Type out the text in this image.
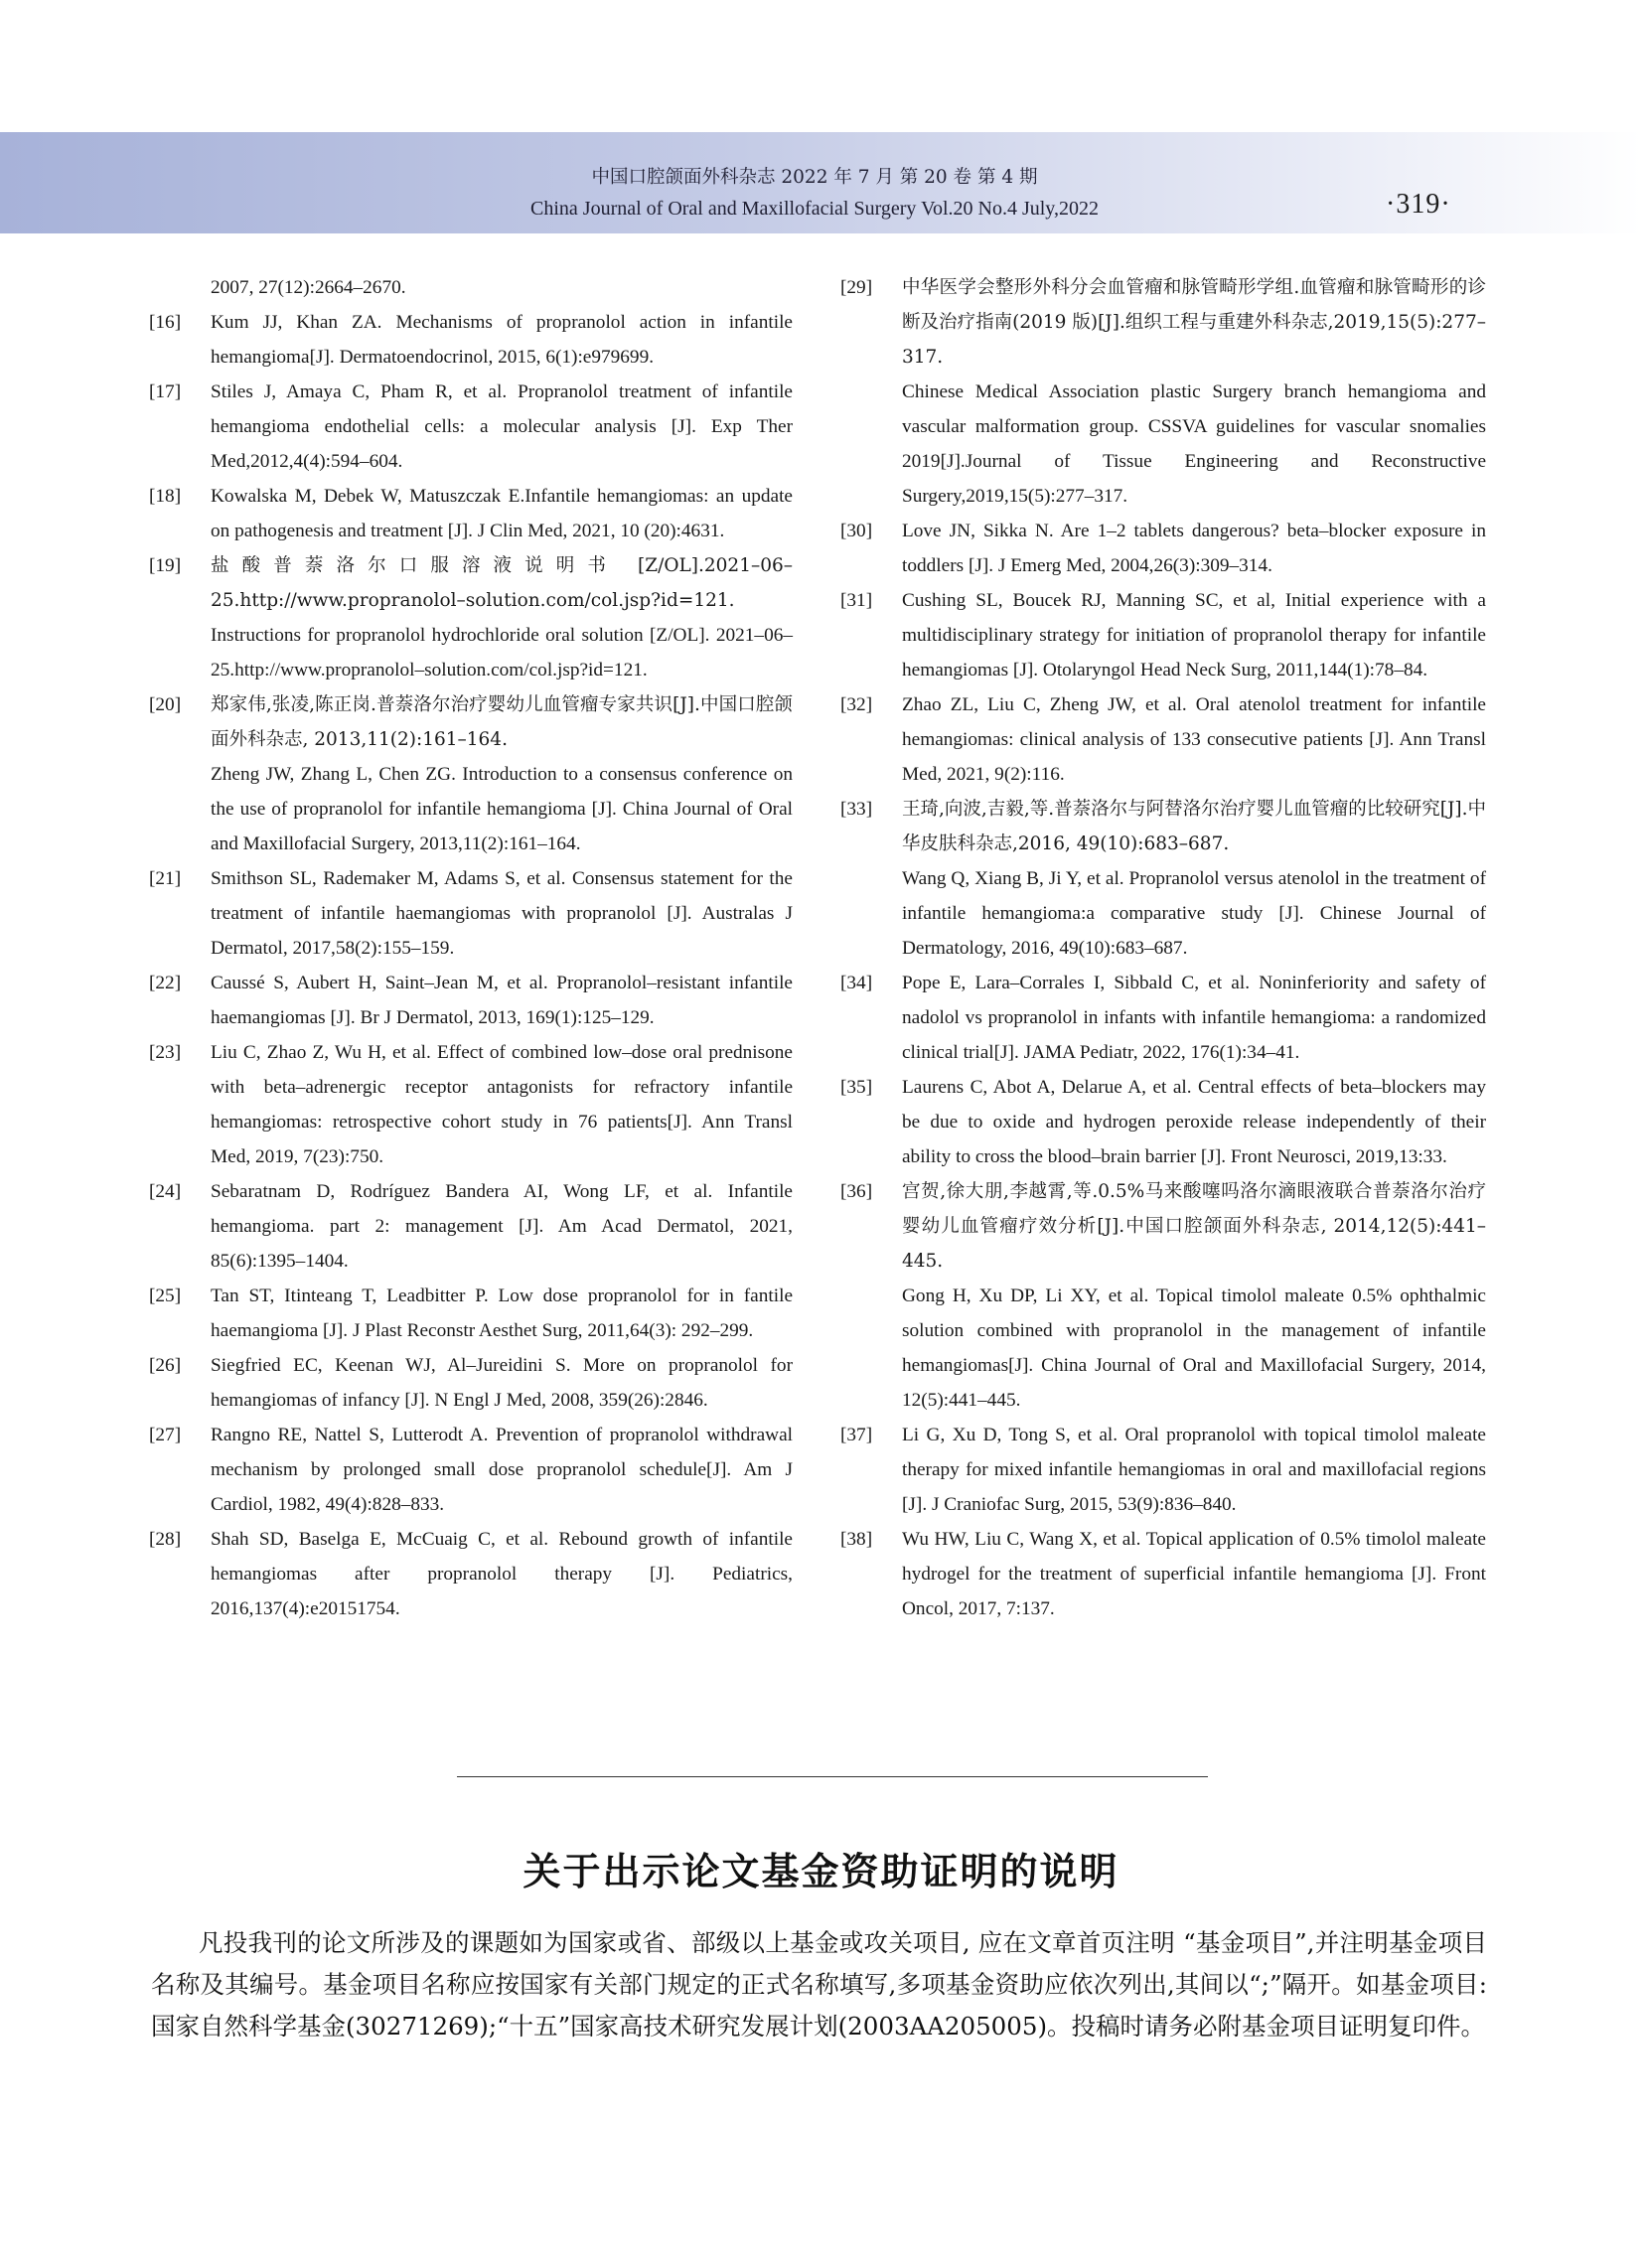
中国口腔颌面外科杂志 2022 年 7 月 第 20 卷 第 4 期
China Journal of Oral and Maxillofacial Surgery Vol.20 No.4 July,2022	·319·
2007, 27(12):2664–2670.
[16] Kum JJ, Khan ZA. Mechanisms of propranolol action in infantile hemangioma[J]. Dermatoendocrinol, 2015, 6(1):e979699.
[17] Stiles J, Amaya C, Pham R, et al. Propranolol treatment of infantile hemangioma endothelial cells: a molecular analysis [J]. Exp Ther Med,2012,4(4):594–604.
[18] Kowalska M, Debek W, Matuszczak E.Infantile hemangiomas: an update on pathogenesis and treatment [J]. J Clin Med, 2021, 10 (20):4631.
[19] 盐酸普萘洛尔口服溶液说明书 [Z/OL].2021–06–25.http://www.propranolol–solution.com/col.jsp?id=121.
Instructions for propranolol hydrochloride oral solution [Z/OL]. 2021–06–25.http://www.propranolol–solution.com/col.jsp?id=121.
[20] 郑家伟,张凌,陈正岗.普萘洛尔治疗婴幼儿血管瘤专家共识[J].中国口腔颌面外科杂志, 2013,11(2):161–164.
Zheng JW, Zhang L, Chen ZG. Introduction to a consensus conference on the use of propranolol for infantile hemangioma [J]. China Journal of Oral and Maxillofacial Surgery, 2013,11(2):161–164.
[21] Smithson SL, Rademaker M, Adams S, et al. Consensus statement for the treatment of infantile haemangiomas with propranolol [J]. Australas J Dermatol, 2017,58(2):155–159.
[22] Caussé S, Aubert H, Saint–Jean M, et al. Propranolol–resistant infantile haemangiomas [J]. Br J Dermatol, 2013, 169(1):125–129.
[23] Liu C, Zhao Z, Wu H, et al. Effect of combined low–dose oral prednisone with beta–adrenergic receptor antagonists for refractory infantile hemangiomas: retrospective cohort study in 76 patients[J]. Ann Transl Med, 2019, 7(23):750.
[24] Sebaratnam D, Rodríguez Bandera AI, Wong LF, et al. Infantile hemangioma. part 2: management [J]. Am Acad Dermatol, 2021, 85(6):1395–1404.
[25] Tan ST, Itinteang T, Leadbitter P. Low dose propranolol for in fantile haemangioma [J]. J Plast Reconstr Aesthet Surg, 2011,64(3): 292–299.
[26] Siegfried EC, Keenan WJ, Al–Jureidini S. More on propranolol for hemangiomas of infancy [J]. N Engl J Med, 2008, 359(26):2846.
[27] Rangno RE, Nattel S, Lutterodt A. Prevention of propranolol withdrawal mechanism by prolonged small dose propranolol schedule[J]. Am J Cardiol, 1982, 49(4):828–833.
[28] Shah SD, Baselga E, McCuaig C, et al. Rebound growth of infantile hemangiomas after propranolol therapy [J]. Pediatrics, 2016,137(4):e20151754.
[29] 中华医学会整形外科分会血管瘤和脉管畸形学组.血管瘤和脉管畸形的诊断及治疗指南(2019 版)[J].组织工程与重建外科杂志,2019,15(5):277–317.
Chinese Medical Association plastic Surgery branch hemangioma and vascular malformation group. CSSVA guidelines for vascular snomalies 2019[J].Journal of Tissue Engineering and Reconstructive Surgery,2019,15(5):277–317.
[30] Love JN, Sikka N. Are 1–2 tablets dangerous? beta–blocker exposure in toddlers [J]. J Emerg Med, 2004,26(3):309–314.
[31] Cushing SL, Boucek RJ, Manning SC, et al, Initial experience with a multidisciplinary strategy for initiation of propranolol therapy for infantile hemangiomas [J]. Otolaryngol Head Neck Surg, 2011,144(1):78–84.
[32] Zhao ZL, Liu C, Zheng JW, et al. Oral atenolol treatment for infantile hemangiomas: clinical analysis of 133 consecutive patients [J]. Ann Transl Med, 2021, 9(2):116.
[33] 王琦,向波,吉毅,等.普萘洛尔与阿替洛尔治疗婴儿血管瘤的比较研究[J].中华皮肤科杂志,2016, 49(10):683–687.
Wang Q, Xiang B, Ji Y, et al. Propranolol versus atenolol in the treatment of infantile hemangioma:a comparative study [J]. Chinese Journal of Dermatology, 2016, 49(10):683–687.
[34] Pope E, Lara–Corrales I, Sibbald C, et al. Noninferiority and safety of nadolol vs propranolol in infants with infantile hemangioma: a randomized clinical trial[J]. JAMA Pediatr, 2022, 176(1):34–41.
[35] Laurens C, Abot A, Delarue A, et al. Central effects of beta–blockers may be due to oxide and hydrogen peroxide release independently of their ability to cross the blood–brain barrier [J]. Front Neurosci, 2019,13:33.
[36] 宫贺,徐大朋,李越霄,等.0.5%马来酸噻吗洛尔滴眼液联合普萘洛尔治疗婴幼儿血管瘤疗效分析[J].中国口腔颌面外科杂志, 2014,12(5):441–445.
Gong H, Xu DP, Li XY, et al. Topical timolol maleate 0.5% ophthalmic solution combined with propranolol in the management of infantile hemangiomas[J]. China Journal of Oral and Maxillofacial Surgery, 2014, 12(5):441–445.
[37] Li G, Xu D, Tong S, et al. Oral propranolol with topical timolol maleate therapy for mixed infantile hemangiomas in oral and maxillofacial regions [J]. J Craniofac Surg, 2015, 53(9):836–840.
[38] Wu HW, Liu C, Wang X, et al. Topical application of 0.5% timolol maleate hydrogel for the treatment of superficial infantile hemangioma [J]. Front Oncol, 2017, 7:137.
关于出示论文基金资助证明的说明
凡投我刊的论文所涉及的课题如为国家或省、部级以上基金或攻关项目, 应在文章首页注明 “基金项目”,并注明基金项目名称及其编号。基金项目名称应按国家有关部门规定的正式名称填写,多项基金资助应依次列出,其间以“;”隔开。如基金项目:国家自然科学基金(30271269);“十五”国家高技术研究发展计划(2003AA205005)。投稿时请务必附基金项目证明复印件。
